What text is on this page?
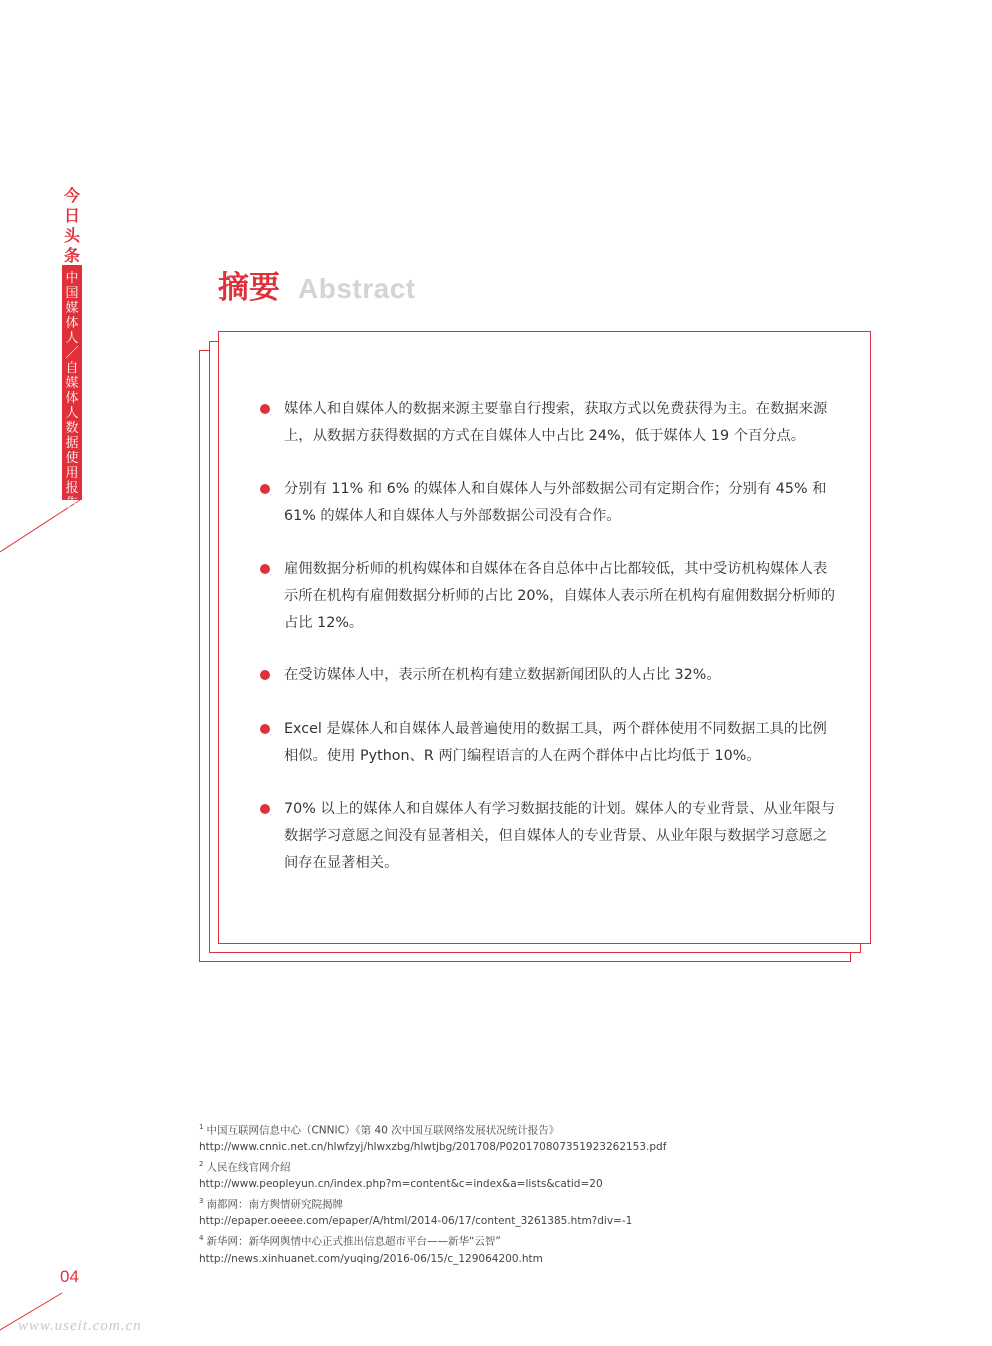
今
日
头
条
中
国
媒
体
人
／
自
媒
体
人
数
据
使
用
报
告
摘要 Abstract
媒体人和自媒体人的数据来源主要靠自行搜索，获取方式以免费获得为主。在数据来源上，从数据方获得数据的方式在自媒体人中占比 24%，低于媒体人 19 个百分点。
分别有 11% 和 6% 的媒体人和自媒体人与外部数据公司有定期合作；分别有 45% 和 61% 的媒体人和自媒体人与外部数据公司没有合作。
雇佣数据分析师的机构媒体和自媒体在各自总体中占比都较低，其中受访机构媒体人表示所在机构有雇佣数据分析师的占比 20%，自媒体人表示所在机构有雇佣数据分析师的占比 12%。
在受访媒体人中，表示所在机构有建立数据新闻团队的人占比 32%。
Excel 是媒体人和自媒体人最普遍使用的数据工具，两个群体使用不同数据工具的比例相似。使用 Python、R 两门编程语言的人在两个群体中占比均低于 10%。
70% 以上的媒体人和自媒体人有学习数据技能的计划。媒体人的专业背景、从业年限与数据学习意愿之间没有显著相关，但自媒体人的专业背景、从业年限与数据学习意愿之间存在显著相关。
$^1$ 中国互联网信息中心（CNNIC）《第 40 次中国互联网络发展状况统计报告》
http://www.cnnic.net.cn/hlwfzyj/hlwxzbg/hlwtjbg/201708/P020170807351923262153.pdf
$^2$ 人民在线官网介绍
http://www.peopleyun.cn/index.php?m=content&c=index&a=lists&catid=20
$^3$ 南都网：南方舆情研究院揭牌
http://epaper.oeeee.com/epaper/A/html/2014-06/17/content_3261385.htm?div=-1
$^4$ 新华网：新华网舆情中心正式推出信息超市平台——新华“云智”
http://news.xinhuanet.com/yuqing/2016-06/15/c_129064200.htm
04
www.useit.com.cn
